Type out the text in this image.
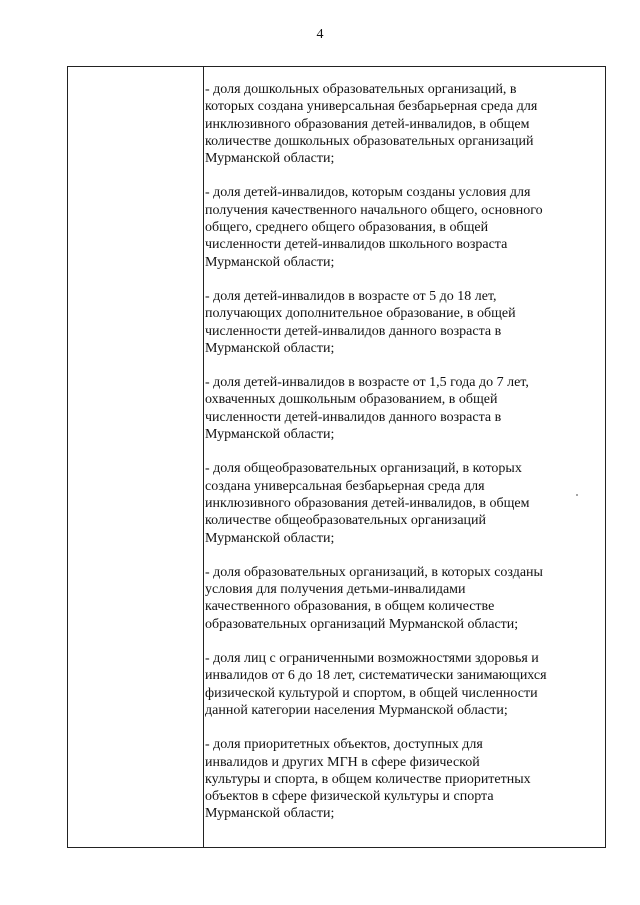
4

- доля дошкольных образовательных организаций, в
которых создана универсальная безбарьерная среда для
инклюзивного образования детей-инвалидов, в общем
количестве дошкольных образовательных организаций
Мурманской области;

- доля детей-инвалидов, которым созданы условия для
получения качественного начального общего, основного
общего, среднего общего образования, в общей
численности детей-инвалидов школьного возраста
Мурманской области;

- доля детей-инвалидов в возрасте от 5 до 18 лет,
получающих дополнительное образование, в общей
численности детей-инвалидов данного возраста в
Мурманской области;

- доля детей-инвалидов в возрасте от 1,5 года до 7 лет,
охваченных дошкольным образованием, в общей
численности детей-инвалидов данного возраста в
Мурманской области;

- доля общеобразовательных организаций, в которых
создана универсальная безбарьерная среда для
инклюзивного образования детей-инвалидов, в общем
количестве общеобразовательных организаций
Мурманской области;

- доля образовательных организаций, в которых созданы
условия для получения детьми-инвалидами
качественного образования, в общем количестве
образовательных организаций Мурманской области;

- доля лиц с ограниченными возможностями здоровья и
инвалидов от 6 до 18 лет, систематически занимающихся
физической культурой и спортом, в общей численности
данной категории населения Мурманской области;

- доля приоритетных объектов, доступных для
инвалидов и других МГН в сфере физической
культуры и спорта, в общем количестве приоритетных
объектов в сфере физической культуры и спорта
Мурманской области;
